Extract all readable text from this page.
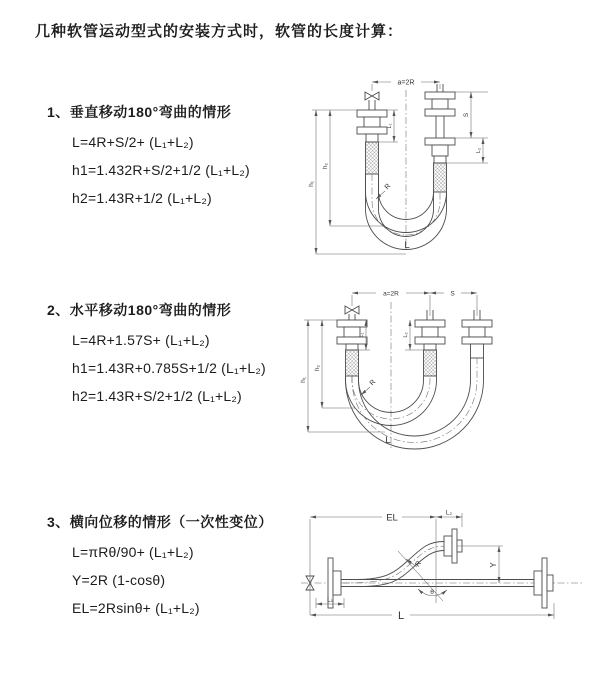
几种软管运动型式的安装方式时，软管的长度计算：
1、垂直移动180°弯曲的情形
L=4R+S/2+ (L₁+L₂)
h1=1.432R+S/2+1/2 (L₁+L₂)
h2=1.43R+1/2 (L₁+L₂)
2、水平移动180°弯曲的情形
L=4R+1.57S+ (L₁+L₂)
h1=1.43R+0.785S+1/2 (L₁+L₂)
h2=1.43R+S/2+1/2 (L₁+L₂)
3、横向位移的情形（一次性变位）
L=πRθ/90+ (L₁+L₂)
Y=2R (1-cosθ)
EL=2Rsinθ+ (L₁+L₂)
a=2R
S
L₂
h₂
h₁
L₁
R
L
a=2R	S
L₁	L₂
h₂
h₁	R
L
EL	L₂
Y
θ
R
L₁
L
